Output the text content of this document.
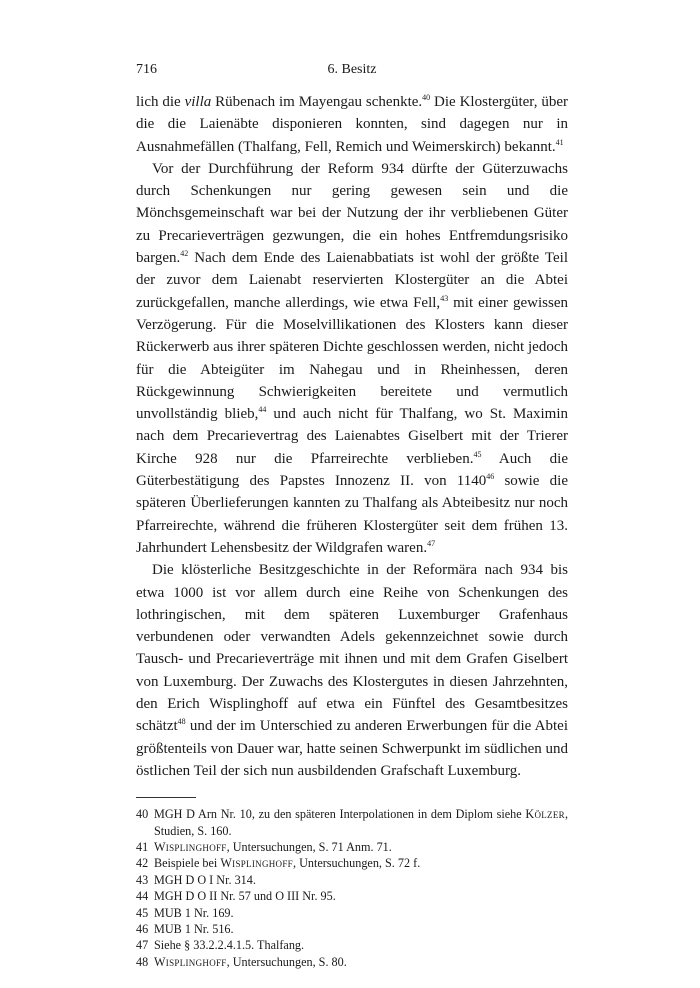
716	6. Besitz

lich die villa Rübenach im Mayengau schenkte.$^{40}$ Die Klostergüter, über die die Laienäbte disponieren konnten, sind dagegen nur in Ausnahmefällen (Thalfang, Fell, Remich und Weimerskirch) bekannt.$^{41}$

Vor der Durchführung der Reform 934 dürfte der Güterzuwachs durch Schenkungen nur gering gewesen sein und die Mönchsgemeinschaft war bei der Nutzung der ihr verbliebenen Güter zu Precarieverträgen gezwungen, die ein hohes Entfremdungsrisiko bargen.$^{42}$ Nach dem Ende des Laienabbatiats ist wohl der größte Teil der zuvor dem Laienabt reservierten Klostergüter an die Abtei zurückgefallen, manche allerdings, wie etwa Fell,$^{43}$ mit einer gewissen Verzögerung. Für die Moselvillikationen des Klosters kann dieser Rückerwerb aus ihrer späteren Dichte geschlossen werden, nicht jedoch für die Abteigüter im Nahegau und in Rheinhessen, deren Rückgewinnung Schwierigkeiten bereitete und vermutlich unvollständig blieb,$^{44}$ und auch nicht für Thalfang, wo St. Maximin nach dem Precarievertrag des Laienabtes Giselbert mit der Trierer Kirche 928 nur die Pfarreirechte verblieben.$^{45}$ Auch die Güterbestätigung des Papstes Innozenz II. von 1140$^{46}$ sowie die späteren Überlieferungen kannten zu Thalfang als Abteibesitz nur noch Pfarreirechte, während die früheren Klostergüter seit dem frühen 13. Jahrhundert Lehensbesitz der Wildgrafen waren.$^{47}$

Die klösterliche Besitzgeschichte in der Reformära nach 934 bis etwa 1000 ist vor allem durch eine Reihe von Schenkungen des lothringischen, mit dem späteren Luxemburger Grafenhaus verbundenen oder verwandten Adels gekennzeichnet sowie durch Tausch- und Precarieverträge mit ihnen und mit dem Grafen Giselbert von Luxemburg. Der Zuwachs des Klostergutes in diesen Jahrzehnten, den Erich Wisplinghoff auf etwa ein Fünftel des Gesamtbesitzes schätzt$^{48}$ und der im Unterschied zu anderen Erwerbungen für die Abtei größtenteils von Dauer war, hatte seinen Schwerpunkt im südlichen und östlichen Teil der sich nun ausbildenden Grafschaft Luxemburg.

40 MGH D Arn Nr. 10, zu den späteren Interpolationen in dem Diplom siehe Kölzer, Studien, S. 160.
41 Wisplinghoff, Untersuchungen, S. 71 Anm. 71.
42 Beispiele bei Wisplinghoff, Untersuchungen, S. 72 f.
43 MGH D O I Nr. 314.
44 MGH D O II Nr. 57 und O III Nr. 95.
45 MUB 1 Nr. 169.
46 MUB 1 Nr. 516.
47 Siehe § 33.2.2.4.1.5. Thalfang.
48 Wisplinghoff, Untersuchungen, S. 80.
